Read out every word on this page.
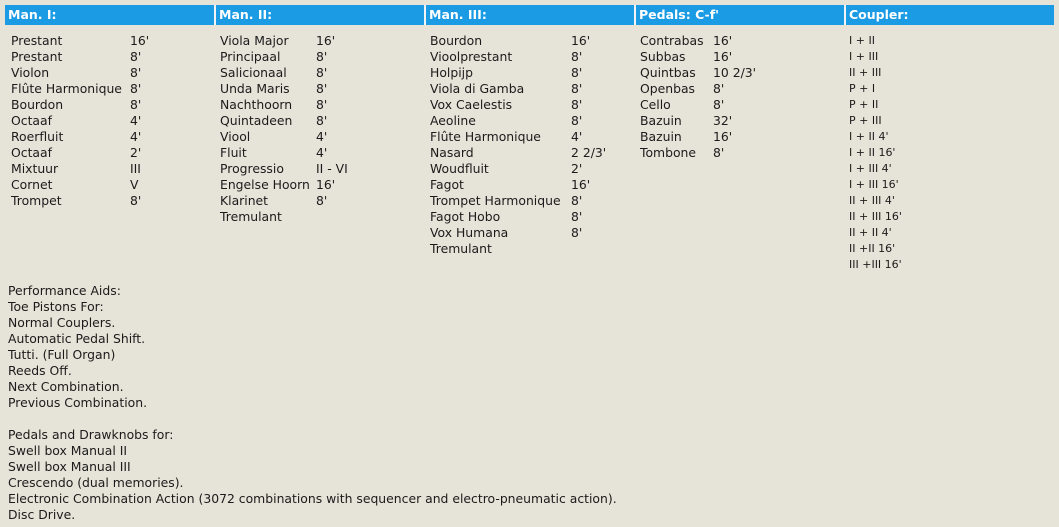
Man. I:	Man. II:	Man. III:	Pedals: C-f'	Coupler:
Prestant	16'
Prestant	8'
Violon	8'
Flûte Harmonique 8'
Bourdon	8'
Octaaf	4'
Roerfluit	4'
Octaaf	2'
Mixtuur	III
Cornet	V
Trompet	8'
Viola Major 16'
Principaal	8'
Salicionaal 8'
Unda Maris 8'
Nachthoorn 8'
Quintadeen 8'
Viool	4'
Fluit	4'
Progressio	II - VI
Engelse Hoorn 16'
Klarinet	8'
Tremulant
Bourdon	16'
Vioolprestant	8'
Holpijp	8'
Viola di Gamba	8'
Vox Caelestis	8'
Aeoline	8'
Flûte Harmonique 4'
Nasard	2 2/3'
Woudfluit	2'
Fagot	16'
Trompet Harmonique 8'
Fagot Hobo	8'
Vox Humana	8'
Tremulant
Contrabas 16'
Subbas 16'
Quintbas 10 2/3'
Openbas 8'
Cello	8'
Bazuin	32'
Bazuin	16'
Tombone 8'
I + II
I + III
II + III
P + I
P + II
P + III
I + II 4'
I + II 16'
I + III 4'
I + III 16'
II + III 4'
II + III 16'
II + II 4'
II +II 16'
III +III 16'
Performance Aids:
Toe Pistons For:
Normal Couplers.
Automatic Pedal Shift.
Tutti. (Full Organ)
Reeds Off.
Next Combination.
Previous Combination.
Pedals and Drawknobs for:
Swell box Manual II
Swell box Manual III
Crescendo (dual memories).
Electronic Combination Action (3072 combinations with sequencer and electro-pneumatic action).
Disc Drive.
